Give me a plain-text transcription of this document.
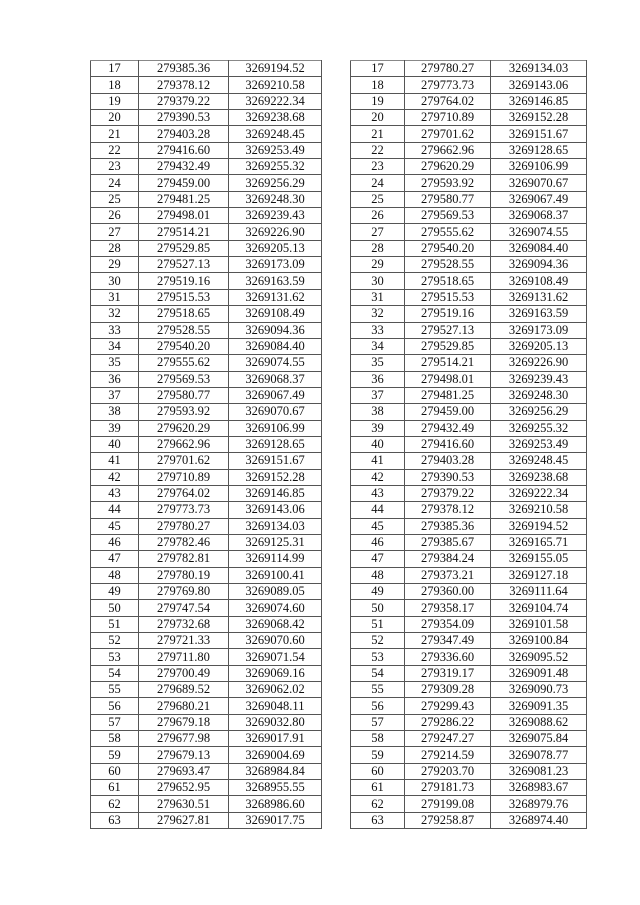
17	279385.36	3269194.52
18	279378.12	3269210.58
19	279379.22	3269222.34
20	279390.53	3269238.68
21	279403.28	3269248.45
22	279416.60	3269253.49
23	279432.49	3269255.32
24	279459.00	3269256.29
25	279481.25	3269248.30
26	279498.01	3269239.43
27	279514.21	3269226.90
28	279529.85	3269205.13
29	279527.13	3269173.09
30	279519.16	3269163.59
31	279515.53	3269131.62
32	279518.65	3269108.49
33	279528.55	3269094.36
34	279540.20	3269084.40
35	279555.62	3269074.55
36	279569.53	3269068.37
37	279580.77	3269067.49
38	279593.92	3269070.67
39	279620.29	3269106.99
40	279662.96	3269128.65
41	279701.62	3269151.67
42	279710.89	3269152.28
43	279764.02	3269146.85
44	279773.73	3269143.06
45	279780.27	3269134.03
46	279782.46	3269125.31
47	279782.81	3269114.99
48	279780.19	3269100.41
49	279769.80	3269089.05
50	279747.54	3269074.60
51	279732.68	3269068.42
52	279721.33	3269070.60
53	279711.80	3269071.54
54	279700.49	3269069.16
55	279689.52	3269062.02
56	279680.21	3269048.11
57	279679.18	3269032.80
58	279677.98	3269017.91
59	279679.13	3269004.69
60	279693.47	3268984.84
61	279652.95	3268955.55
62	279630.51	3268986.60
63	279627.81	3269017.75
17	279780.27	3269134.03
18	279773.73	3269143.06
19	279764.02	3269146.85
20	279710.89	3269152.28
21	279701.62	3269151.67
22	279662.96	3269128.65
23	279620.29	3269106.99
24	279593.92	3269070.67
25	279580.77	3269067.49
26	279569.53	3269068.37
27	279555.62	3269074.55
28	279540.20	3269084.40
29	279528.55	3269094.36
30	279518.65	3269108.49
31	279515.53	3269131.62
32	279519.16	3269163.59
33	279527.13	3269173.09
34	279529.85	3269205.13
35	279514.21	3269226.90
36	279498.01	3269239.43
37	279481.25	3269248.30
38	279459.00	3269256.29
39	279432.49	3269255.32
40	279416.60	3269253.49
41	279403.28	3269248.45
42	279390.53	3269238.68
43	279379.22	3269222.34
44	279378.12	3269210.58
45	279385.36	3269194.52
46	279385.67	3269165.71
47	279384.24	3269155.05
48	279373.21	3269127.18
49	279360.00	3269111.64
50	279358.17	3269104.74
51	279354.09	3269101.58
52	279347.49	3269100.84
53	279336.60	3269095.52
54	279319.17	3269091.48
55	279309.28	3269090.73
56	279299.43	3269091.35
57	279286.22	3269088.62
58	279247.27	3269075.84
59	279214.59	3269078.77
60	279203.70	3269081.23
61	279181.73	3268983.67
62	279199.08	3268979.76
63	279258.87	3268974.40
